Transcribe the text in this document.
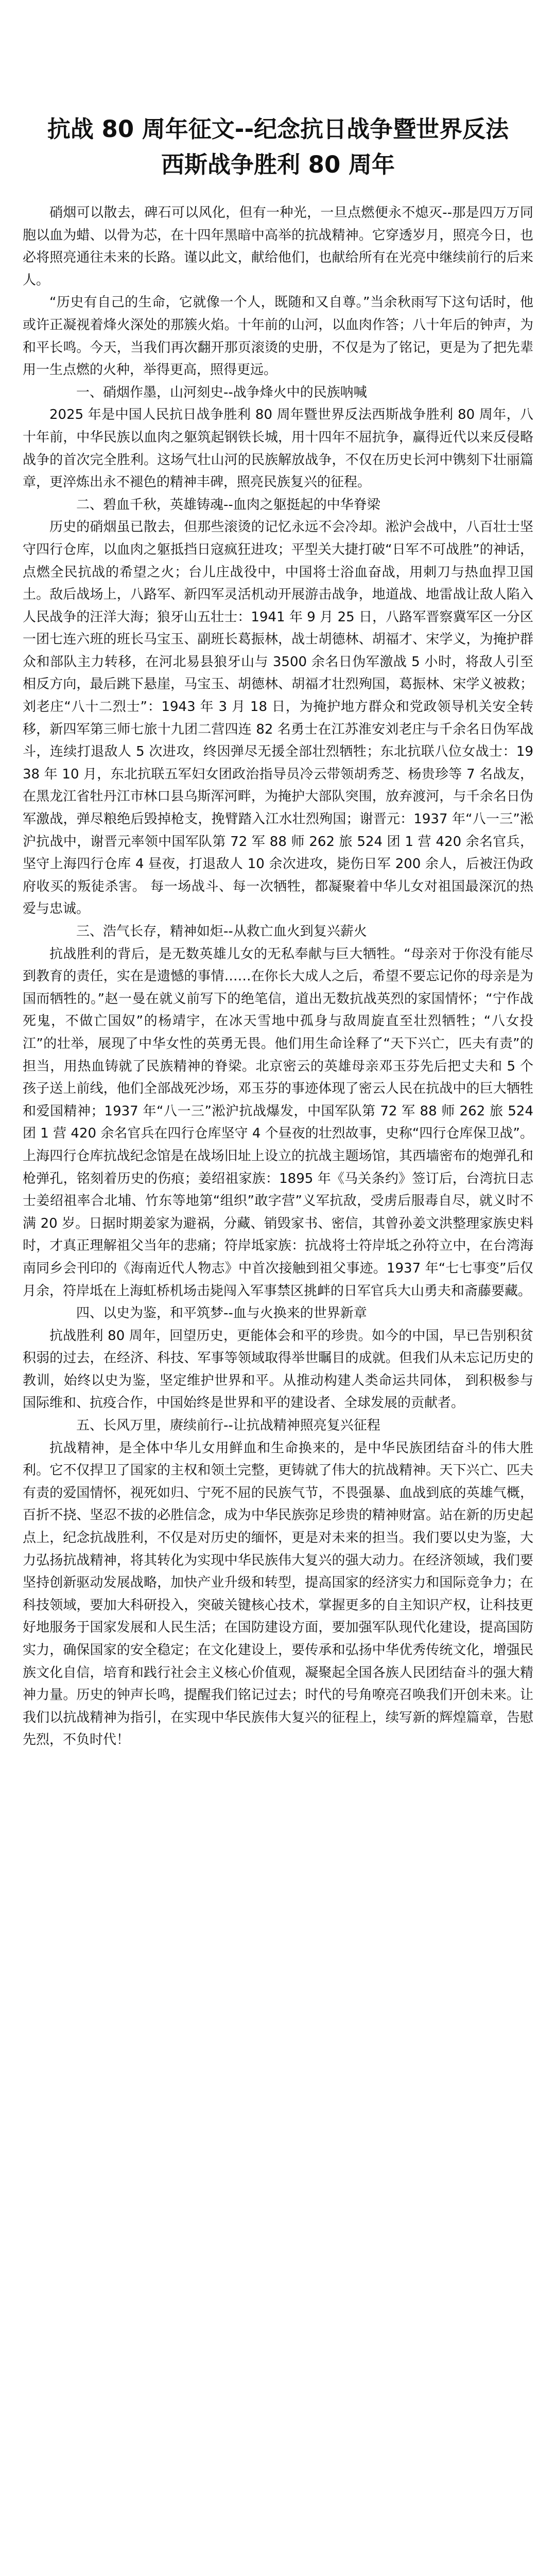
抗战 80 周年征文--纪念抗日战争暨世界反法
西斯战争胜利 80 周年

硝烟可以散去，碑石可以风化，但有一种光，一旦点燃便永不熄灭--那是四万万同胞以血为蜡、以骨为芯，在十四年黑暗中高举的抗战精神。它穿透岁月，照亮今日，也必将照亮通往未来的长路。谨以此文，献给他们，也献给所有在光亮中继续前行的后来人。

“历史有自己的生命，它就像一个人，既随和又自尊。”当余秋雨写下这句话时，他或许正凝视着烽火深处的那簇火焰。十年前的山河，以血肉作答；八十年后的钟声，为和平长鸣。今天，当我们再次翻开那页滚烫的史册，不仅是为了铭记，更是为了把先辈用一生点燃的火种，举得更高，照得更远。

一、硝烟作墨，山河刻史--战争烽火中的民族呐喊

2025 年是中国人民抗日战争胜利 80 周年暨世界反法西斯战争胜利 80 周年，八十年前，中华民族以血肉之躯筑起钢铁长城，用十四年不屈抗争，赢得近代以来反侵略战争的首次完全胜利。这场气壮山河的民族解放战争，不仅在历史长河中镌刻下壮丽篇章，更淬炼出永不褪色的精神丰碑，照亮民族复兴的征程。

二、碧血千秋，英雄铸魂--血肉之躯挺起的中华脊梁

历史的硝烟虽已散去，但那些滚烫的记忆永远不会冷却。淞沪会战中，八百壮士坚守四行仓库，以血肉之躯抵挡日寇疯狂进攻；平型关大捷打破“日军不可战胜”的神话，点燃全民抗战的希望之火；台儿庄战役中，中国将士浴血奋战，用刺刀与热血捍卫国土。敌后战场上，八路军、新四军灵活机动开展游击战争，地道战、地雷战让敌人陷入人民战争的汪洋大海；狼牙山五壮士：1941 年 9 月 25 日，八路军晋察冀军区一分区一团七连六班的班长马宝玉、副班长葛振林，战士胡德林、胡福才、宋学义，为掩护群众和部队主力转移，在河北易县狼牙山与 3500 余名日伪军激战 5 小时，将敌人引至相反方向，最后跳下悬崖，马宝玉、胡德林、胡福才壮烈殉国，葛振林、宋学义被救；刘老庄“八十二烈士”：1943 年 3 月 18 日，为掩护地方群众和党政领导机关安全转移，新四军第三师七旅十九团二营四连 82 名勇士在江苏淮安刘老庄与千余名日伪军战斗，连续打退敌人 5 次进攻，终因弹尽无援全部壮烈牺牲；东北抗联八位女战士：1938 年 10 月，东北抗联五军妇女团政治指导员冷云带领胡秀芝、杨贵珍等 7 名战友，在黑龙江省牡丹江市林口县乌斯浑河畔，为掩护大部队突围，放弃渡河，与千余名日伪军激战，弹尽粮绝后毁掉枪支，挽臂踏入江水壮烈殉国；谢晋元：1937 年“八一三”淞沪抗战中，谢晋元率领中国军队第 72 军 88 师 262 旅 524 团 1 营 420 余名官兵，坚守上海四行仓库 4 昼夜，打退敌人 10 余次进攻，毙伤日军 200 余人，后被汪伪政府收买的叛徒杀害。 每一场战斗、每一次牺牲，都凝聚着中华儿女对祖国最深沉的热爱与忠诚。

三、浩气长存，精神如炬--从救亡血火到复兴薪火

抗战胜利的背后，是无数英雄儿女的无私奉献与巨大牺牲。“母亲对于你没有能尽到教育的责任，实在是遗憾的事情……在你长大成人之后，希望不要忘记你的母亲是为国而牺牲的。”赵一曼在就义前写下的绝笔信，道出无数抗战英烈的家国情怀；“宁作战死鬼，不做亡国奴”的杨靖宇，在冰天雪地中孤身与敌周旋直至壮烈牺牲；“八女投江”的壮举，展现了中华女性的英勇无畏。他们用生命诠释了“天下兴亡，匹夫有责”的担当，用热血铸就了民族精神的脊梁。北京密云的英雄母亲邓玉芬先后把丈夫和 5 个孩子送上前线，他们全部战死沙场，邓玉芬的事迹体现了密云人民在抗战中的巨大牺牲和爱国精神；1937 年“八一三”淞沪抗战爆发，中国军队第 72 军 88 师 262 旅 524 团 1 营 420 余名官兵在四行仓库坚守 4 个昼夜的壮烈故事，史称“四行仓库保卫战”。上海四行仓库抗战纪念馆是在战场旧址上设立的抗战主题场馆，其西墙密布的炮弹孔和枪弹孔，铭刻着历史的伤痕；姜绍祖家族：1895 年《马关条约》签订后，台湾抗日志士姜绍祖率合北埔、竹东等地第“组织”敢字营”义军抗敌，受虏后服毒自尽，就义时不满 20 岁。日据时期姜家为避祸，分藏、销毁家书、密信，其曾孙姜文洪整理家族史料时，才真正理解祖父当年的悲痛；符岸坻家族：抗战将士符岸坻之孙符立中，在台湾海南同乡会刊印的《海南近代人物志》中首次接触到祖父事迹。1937 年“七七事变”后仅月余，符岸坻在上海虹桥机场击毙闯入军事禁区挑衅的日军官兵大山勇夫和斋藤要藏。

四、以史为鉴，和平筑梦--血与火换来的世界新章

抗战胜利 80 周年，回望历史，更能体会和平的珍贵。如今的中国，早已告别积贫积弱的过去，在经济、科技、军事等领域取得举世瞩目的成就。但我们从未忘记历史的教训，始终以史为鉴，坚定维护世界和平。从推动构建人类命运共同体， 到积极参与国际维和、抗疫合作，中国始终是世界和平的建设者、全球发展的贡献者。

五、长风万里，赓续前行--让抗战精神照亮复兴征程

抗战精神，是全体中华儿女用鲜血和生命换来的，是中华民族团结奋斗的伟大胜利。它不仅捍卫了国家的主权和领土完整，更铸就了伟大的抗战精神。天下兴亡、匹夫有责的爱国情怀，视死如归、宁死不屈的民族气节，不畏强暴、血战到底的英雄气概，百折不挠、坚忍不拔的必胜信念，成为中华民族弥足珍贵的精神财富。站在新的历史起点上，纪念抗战胜利，不仅是对历史的缅怀，更是对未来的担当。我们要以史为鉴，大力弘扬抗战精神，将其转化为实现中华民族伟大复兴的强大动力。在经济领域，我们要坚持创新驱动发展战略，加快产业升级和转型，提高国家的经济实力和国际竞争力；在科技领域，要加大科研投入，突破关键核心技术，掌握更多的自主知识产权，让科技更好地服务于国家发展和人民生活；在国防建设方面，要加强军队现代化建设，提高国防实力，确保国家的安全稳定；在文化建设上，要传承和弘扬中华优秀传统文化，增强民族文化自信，培育和践行社会主义核心价值观，凝聚起全国各族人民团结奋斗的强大精神力量。历史的钟声长鸣，提醒我们铭记过去；时代的号角嘹亮召唤我们开创未来。让我们以抗战精神为指引，在实现中华民族伟大复兴的征程上，续写新的辉煌篇章，告慰先烈，不负时代！
